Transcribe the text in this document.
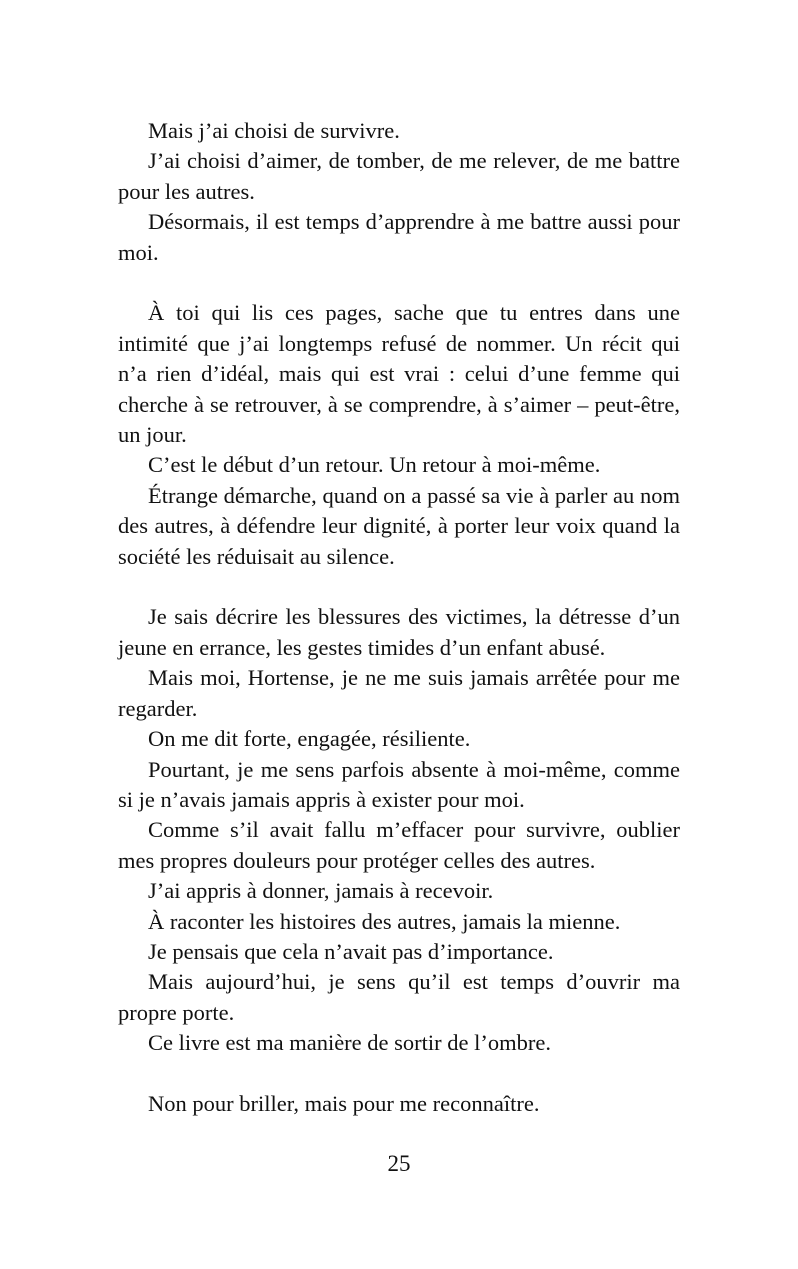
Mais j’ai choisi de survivre.

J’ai choisi d’aimer, de tomber, de me relever, de me battre pour les autres.

Désormais, il est temps d’apprendre à me battre aussi pour moi.

À toi qui lis ces pages, sache que tu entres dans une intimité que j’ai longtemps refusé de nommer. Un récit qui n’a rien d’idéal, mais qui est vrai : celui d’une femme qui cherche à se retrouver, à se comprendre, à s’aimer – peut-être, un jour.

C’est le début d’un retour. Un retour à moi-même.

Étrange démarche, quand on a passé sa vie à parler au nom des autres, à défendre leur dignité, à porter leur voix quand la société les réduisait au silence.

Je sais décrire les blessures des victimes, la détresse d’un jeune en errance, les gestes timides d’un enfant abusé.

Mais moi, Hortense, je ne me suis jamais arrêtée pour me regarder.

On me dit forte, engagée, résiliente.

Pourtant, je me sens parfois absente à moi-même, comme si je n’avais jamais appris à exister pour moi.

Comme s’il avait fallu m’effacer pour survivre, oublier mes propres douleurs pour protéger celles des autres.

J’ai appris à donner, jamais à recevoir.

À raconter les histoires des autres, jamais la mienne.

Je pensais que cela n’avait pas d’importance.

Mais aujourd’hui, je sens qu’il est temps d’ouvrir ma propre porte.

Ce livre est ma manière de sortir de l’ombre.

Non pour briller, mais pour me reconnaître.

25
